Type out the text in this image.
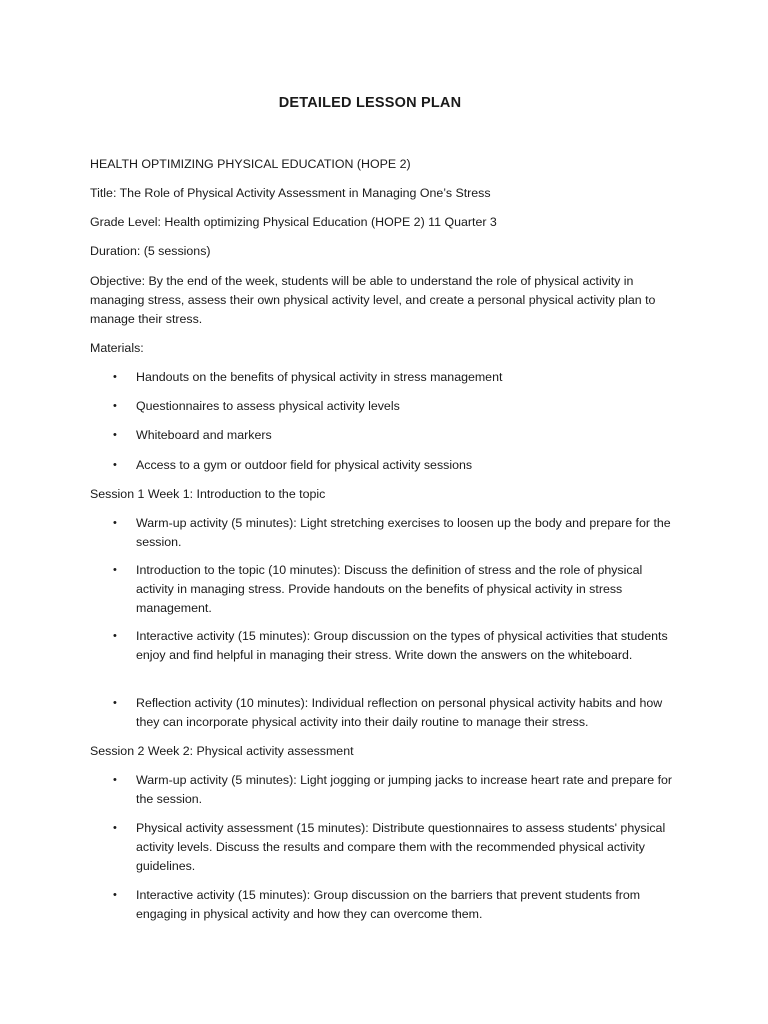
DETAILED LESSON PLAN

HEALTH OPTIMIZING PHYSICAL EDUCATION (HOPE 2)

Title: The Role of Physical Activity Assessment in Managing One’s Stress

Grade Level: Health optimizing Physical Education (HOPE 2) 11 Quarter 3

Duration: (5 sessions)

Objective: By the end of the week, students will be able to understand the role of physical activity in managing stress, assess their own physical activity level, and create a personal physical activity plan to manage their stress.

Materials:

• Handouts on the benefits of physical activity in stress management

• Questionnaires to assess physical activity levels

• Whiteboard and markers

• Access to a gym or outdoor field for physical activity sessions

Session 1 Week 1: Introduction to the topic

• Warm-up activity (5 minutes): Light stretching exercises to loosen up the body and prepare for the session.

• Introduction to the topic (10 minutes): Discuss the definition of stress and the role of physical activity in managing stress. Provide handouts on the benefits of physical activity in stress management.

• Interactive activity (15 minutes): Group discussion on the types of physical activities that students enjoy and find helpful in managing their stress. Write down the answers on the whiteboard.

• Reflection activity (10 minutes): Individual reflection on personal physical activity habits and how they can incorporate physical activity into their daily routine to manage their stress.

Session 2 Week 2: Physical activity assessment

• Warm-up activity (5 minutes): Light jogging or jumping jacks to increase heart rate and prepare for the session.

• Physical activity assessment (15 minutes): Distribute questionnaires to assess students' physical activity levels. Discuss the results and compare them with the recommended physical activity guidelines.

• Interactive activity (15 minutes): Group discussion on the barriers that prevent students from engaging in physical activity and how they can overcome them.
